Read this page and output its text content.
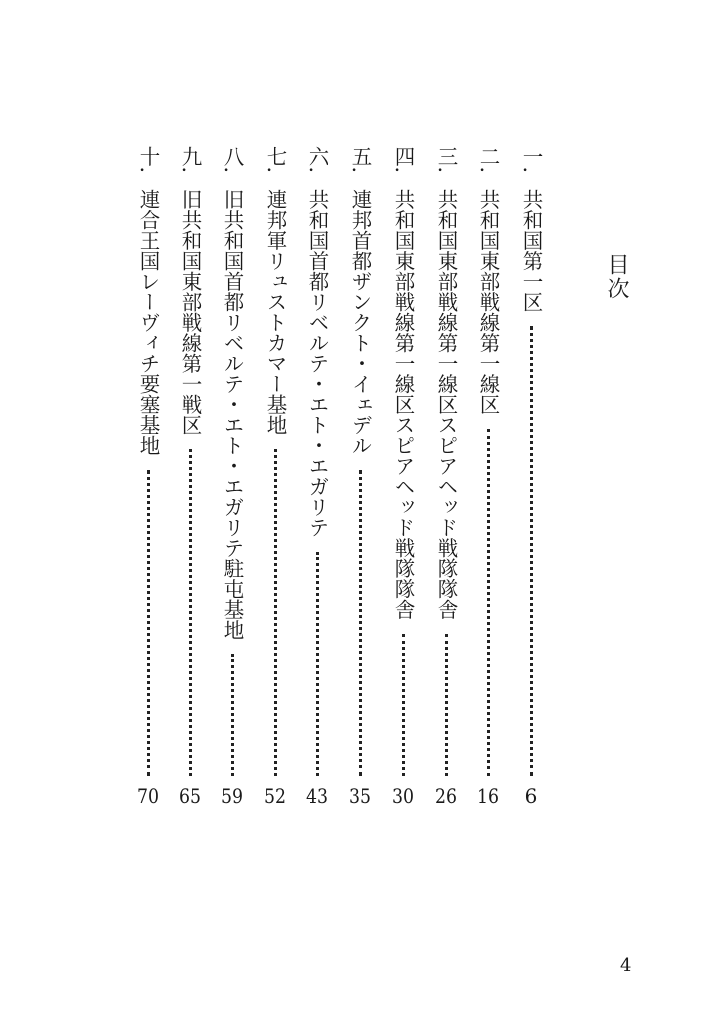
目次
一.
共和国第一区
6
二.
共和国東部戦線第一線区
16
三.
共和国東部戦線第一線区スピアヘッド戦隊隊舎
26
四.
共和国東部戦線第一線区スピアヘッド戦隊隊舎
30
五.
連邦首都ザンクト・イェデル
35
六.
共和国首都リベルテ・エト・エガリテ
43
七.
連邦軍リュストカマー基地
52
八.
旧共和国首都リベルテ・エト・エガリテ駐屯基地
59
九.
旧共和国東部戦線第一戦区
65
十.
連合王国レーヴィチ要塞基地
70
4
